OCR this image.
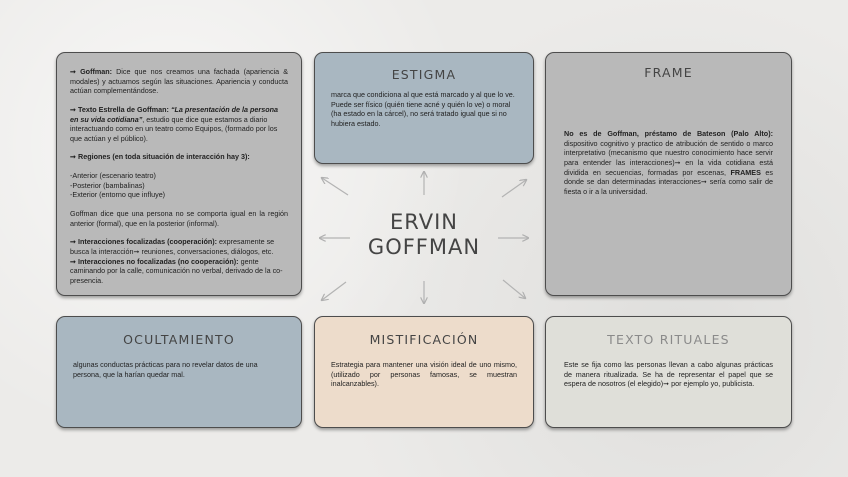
ERVIN
GOFFMAN

➞ Goffman: Dice que nos creamos una fachada (apariencia & modales) y actuamos según las situaciones. Apariencia y conducta actúan complementándose.

➞ Texto Estrella de Goffman: “La presentación de la persona en su vida cotidiana”, estudio que dice que estamos a diario interactuando como en un teatro como Equipos, (formado por los que actúan y el público).

➞ Regiones (en toda situación de interacción hay 3):

-Anterior (escenario teatro)

-Posterior (bambalinas)

-Exterior (entorno que influye)

Goffman dice que una persona no se comporta igual en la región anterior (formal), que en la posterior (informal).

➞ Interacciones focalizadas (cooperación): expresamente se busca la interacción➞ reuniones, conversaciones, diálogos, etc.

➞ Interacciones no focalizadas (no cooperación): gente caminando por la calle, comunicación no verbal, derivado de la co-presencia.

ESTIGMA

marca que condiciona al que está marcado y al que lo ve. Puede ser físico (quién tiene acné y quién lo ve) o moral (ha estado en la cárcel), no será tratado igual que si no hubiera estado.

FRAME

No es de Goffman, préstamo de Bateson (Palo Alto): dispositivo cognitivo y practico de atribución de sentido o marco interpretativo (mecanismo que nuestro conocimiento hace servir para entender las interacciones)➞ en la vida cotidiana está dividida en secuencias, formadas por escenas, FRAMES es donde se dan determinadas interacciones➞ sería como salir de fiesta o ir a la universidad.

OCULTAMIENTO

algunas conductas prácticas para no revelar datos de una persona, que la harían quedar mal.

MISTIFICACIÓN

Estrategia para mantener una visión ideal de uno mismo, (utilizado por personas famosas, se muestran inalcanzables).

TEXTO RITUALES

Este se fija como las personas llevan a cabo algunas prácticas de manera ritualizada. Se ha de representar el papel que se espera de nosotros (el elegido)➞ por ejemplo yo, publicista.
